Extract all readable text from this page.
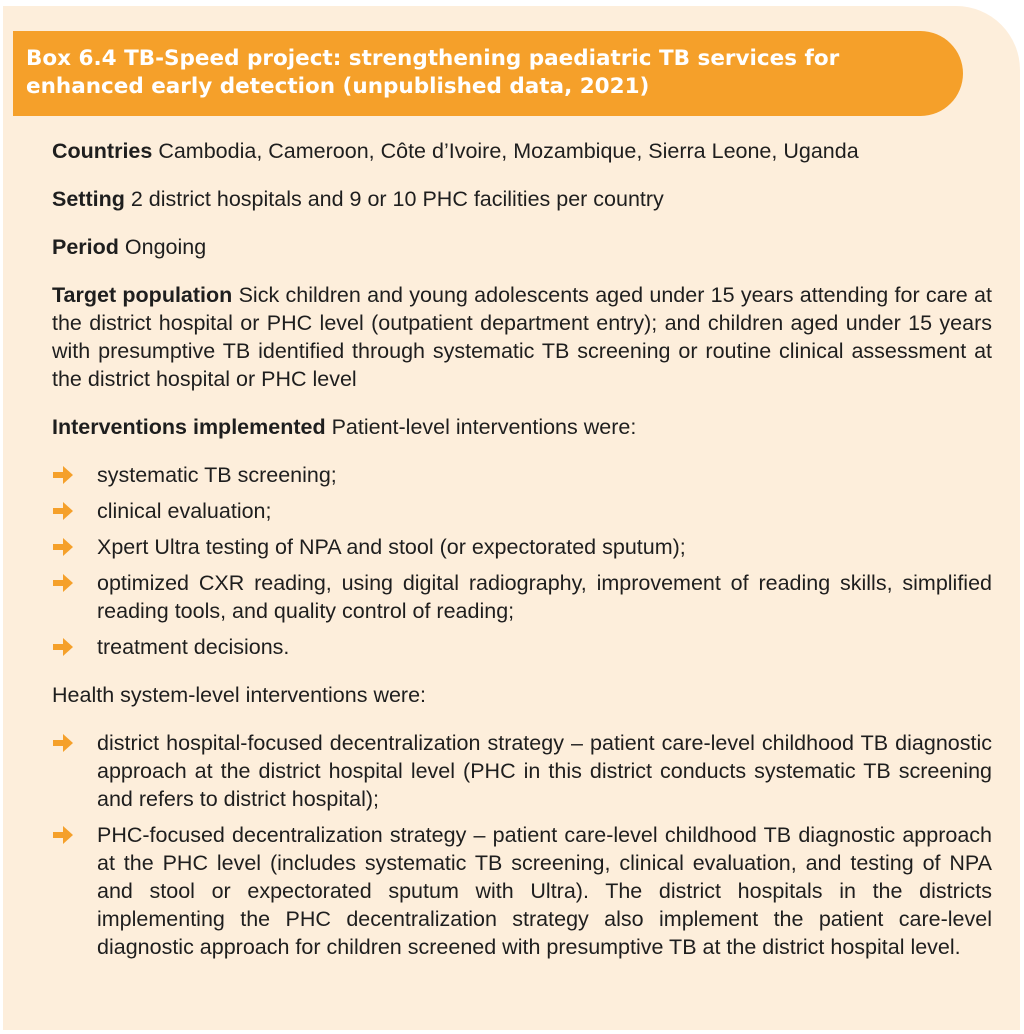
Box 6.4 TB-Speed project: strengthening paediatric TB services for enhanced early detection (unpublished data, 2021)

Countries Cambodia, Cameroon, Côte d’Ivoire, Mozambique, Sierra Leone, Uganda

Setting 2 district hospitals and 9 or 10 PHC facilities per country

Period Ongoing

Target population Sick children and young adolescents aged under 15 years attending for care at the district hospital or PHC level (outpatient department entry); and children aged under 15 years with presumptive TB identified through systematic TB screening or routine clinical assessment at the district hospital or PHC level

Interventions implemented Patient-level interventions were:

systematic TB screening;
clinical evaluation;
Xpert Ultra testing of NPA and stool (or expectorated sputum);
optimized CXR reading, using digital radiography, improvement of reading skills, simplified reading tools, and quality control of reading;
treatment decisions.

Health system-level interventions were:

district hospital-focused decentralization strategy – patient care-level childhood TB diagnostic approach at the district hospital level (PHC in this district conducts systematic TB screening and refers to district hospital);
PHC-focused decentralization strategy – patient care-level childhood TB diagnostic approach at the PHC level (includes systematic TB screening, clinical evaluation, and testing of NPA and stool or expectorated sputum with Ultra). The district hospitals in the districts implementing the PHC decentralization strategy also implement the patient care-level diagnostic approach for children screened with presumptive TB at the district hospital level.
